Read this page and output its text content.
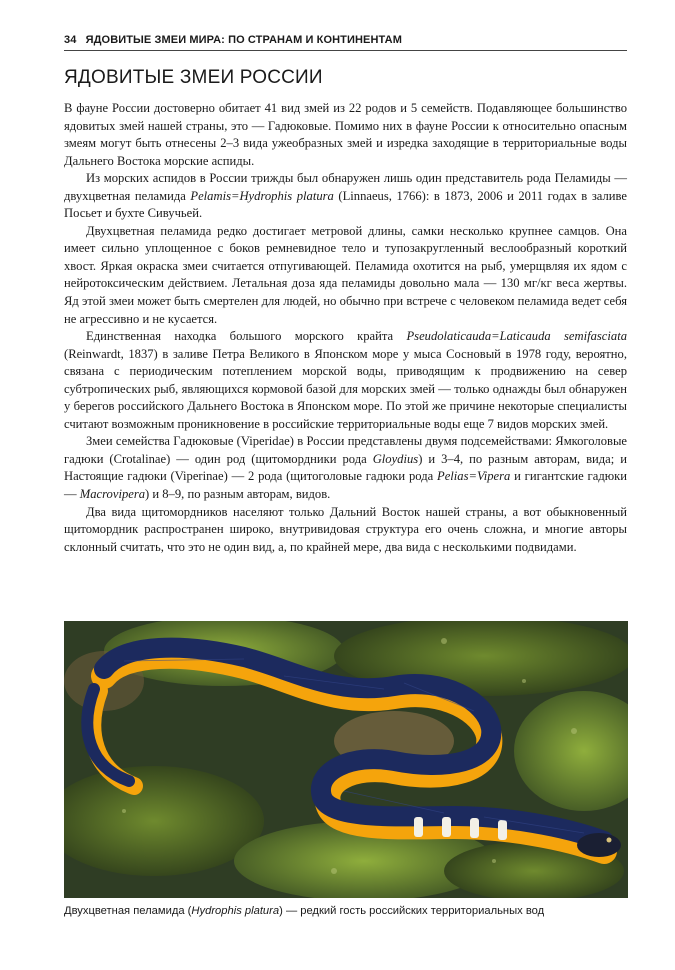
34 ЯДОВИТЫЕ ЗМЕИ МИРА: ПО СТРАНАМ И КОНТИНЕНТАМ
ЯДОВИТЫЕ ЗМЕИ РОССИИ

В фауне России достоверно обитает 41 вид змей из 22 родов и 5 семейств. Подавляющее большинство ядовитых змей нашей страны, это — Гадюковые. Помимо них в фауне России к относительно опасным змеям могут быть отнесены 2–3 вида ужеобразных змей и изредка заходящие в территориальные воды Дальнего Востока морские аспиды.

Из морских аспидов в России трижды был обнаружен лишь один представитель рода Пеламиды — двухцветная пеламида Pelamis=Hydrophis platura (Linnaeus, 1766): в 1873, 2006 и 2011 годах в заливе Посьет и бухте Сивучьей.

Двухцветная пеламида редко достигает метровой длины, самки несколько крупнее самцов. Она имеет сильно уплощенное с боков ремневидное тело и тупозакругленный веслообразный короткий хвост. Яркая окраска змеи считается отпугивающей. Пеламида охотится на рыб, умерщвляя их ядом с нейротоксическим действием. Летальная доза яда пеламиды довольно мала — 130 мг/кг веса жертвы. Яд этой змеи может быть смертелен для людей, но обычно при встрече с человеком пеламида ведет себя не агрессивно и не кусается.

Единственная находка большого морского крайта Pseudolaticauda=Laticauda semifasciata (Reinwardt, 1837) в заливе Петра Великого в Японском море у мыса Сосновый в 1978 году, вероятно, связана с периодическим потеплением морской воды, приводящим к продвижению на север субтропических рыб, являющихся кормовой базой для морских змей — только однажды был обнаружен у берегов российского Дальнего Востока в Японском море. По этой же причине некоторые специалисты считают возможным проникновение в российские территориальные воды еще 7 видов морских змей.

Змеи семейства Гадюковые (Viperidae) в России представлены двумя подсемействами: Ямкоголовые гадюки (Crotalinae) — один род (щитомордники рода Gloydius) и 3–4, по разным авторам, вида; и Настоящие гадюки (Viperinae) — 2 рода (щитоголовые гадюки рода Pelias=Vipera и гигантские гадюки — Macrovipera) и 8–9, по разным авторам, видов.

Два вида щитомордников населяют только Дальний Восток нашей страны, а вот обыкновенный щитомордник распространен широко, внутривидовая структура его очень сложна, и многие авторы склонный считать, что это не один вид, а, по крайней мере, два вида с несколькими подвидами.

Двухцветная пеламида (Hydrophis platura) — редкий гость российских территориальных вод
